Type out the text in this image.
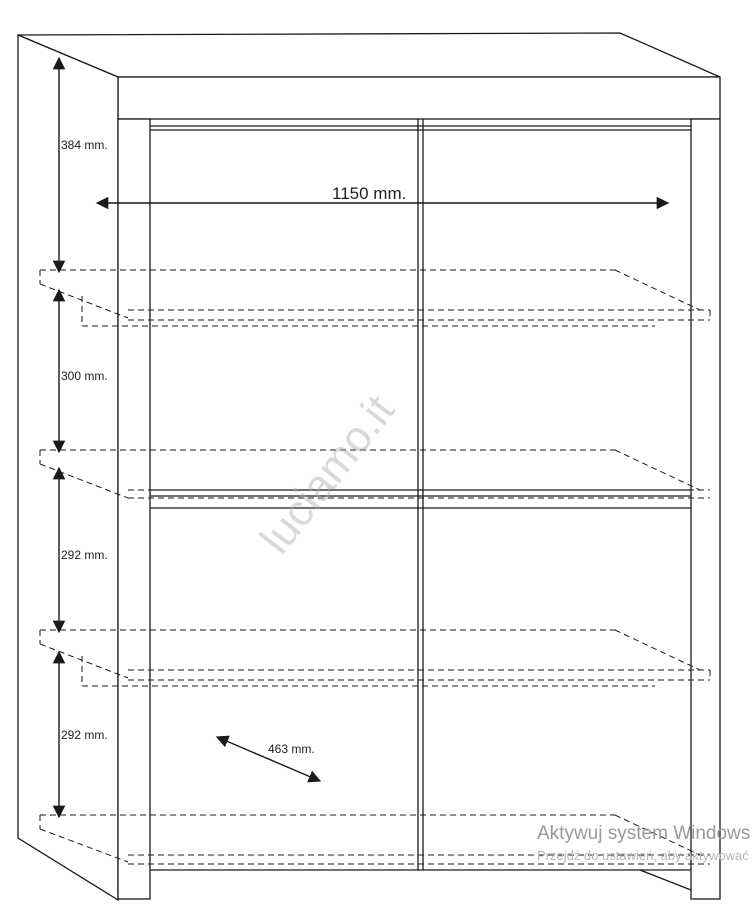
1150 mm.
384 mm.
300 mm.
292 mm.
292 mm.
463 mm.
luciamo.it
Aktywuj system Windows
Przejdź do ustawień, aby aktywować
